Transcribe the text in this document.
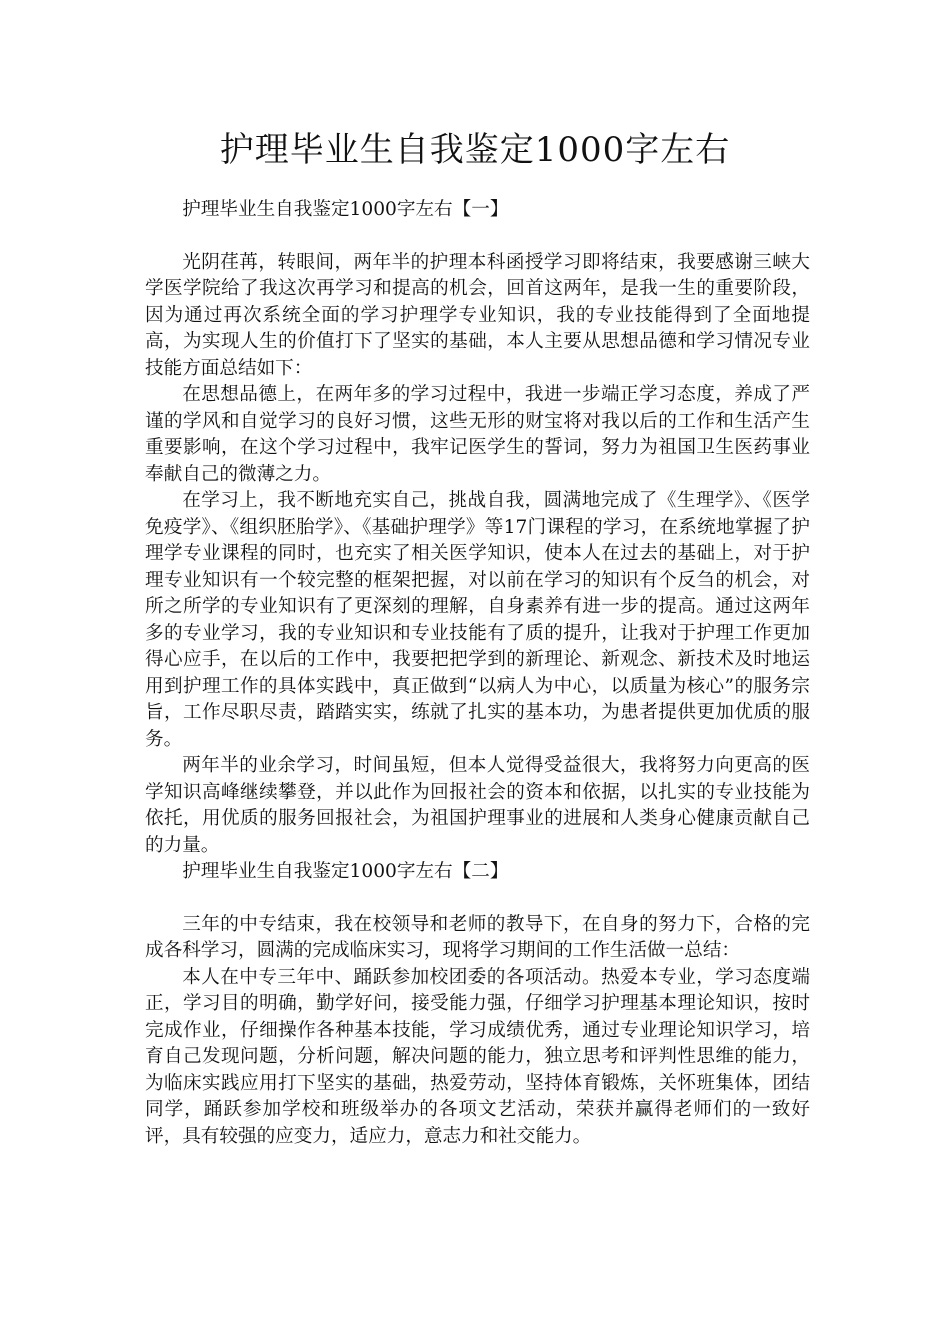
护理毕业生自我鉴定1000字左右

护理毕业生自我鉴定1000字左右【一】

光阴荏苒，转眼间，两年半的护理本科函授学习即将结束，我要感谢三峡大学医学院给了我这次再学习和提高的机会，回首这两年，是我一生的重要阶段，因为通过再次系统全面的学习护理学专业知识，我的专业技能得到了全面地提高，为实现人生的价值打下了坚实的基础，本人主要从思想品德和学习情况专业技能方面总结如下：

在思想品德上，在两年多的学习过程中，我进一步端正学习态度，养成了严谨的学风和自觉学习的良好习惯，这些无形的财宝将对我以后的工作和生活产生重要影响，在这个学习过程中，我牢记医学生的誓词，努力为祖国卫生医药事业奉献自己的微薄之力。

在学习上，我不断地充实自己，挑战自我，圆满地完成了《生理学》、《医学免疫学》、《组织胚胎学》、《基础护理学》等17门课程的学习，在系统地掌握了护理学专业课程的同时，也充实了相关医学知识，使本人在过去的基础上，对于护理专业知识有一个较完整的框架把握，对以前在学习的知识有个反刍的机会，对所之所学的专业知识有了更深刻的理解，自身素养有进一步的提高。通过这两年多的专业学习，我的专业知识和专业技能有了质的提升，让我对于护理工作更加得心应手，在以后的工作中，我要把把学到的新理论、新观念、新技术及时地运用到护理工作的具体实践中，真正做到“以病人为中心，以质量为核心”的服务宗旨，工作尽职尽责，踏踏实实，练就了扎实的基本功，为患者提供更加优质的服务。

两年半的业余学习，时间虽短，但本人觉得受益很大，我将努力向更高的医学知识高峰继续攀登，并以此作为回报社会的资本和依据，以扎实的专业技能为依托，用优质的服务回报社会，为祖国护理事业的进展和人类身心健康贡献自己的力量。

护理毕业生自我鉴定1000字左右【二】

三年的中专结束，我在校领导和老师的教导下，在自身的努力下，合格的完成各科学习，圆满的完成临床实习，现将学习期间的工作生活做一总结：

本人在中专三年中、踊跃参加校团委的各项活动。热爱本专业，学习态度端正，学习目的明确，勤学好问，接受能力强，仔细学习护理基本理论知识，按时完成作业，仔细操作各种基本技能，学习成绩优秀，通过专业理论知识学习，培育自己发现问题，分析问题，解决问题的能力，独立思考和评判性思维的能力，为临床实践应用打下坚实的基础，热爱劳动，坚持体育锻炼，关怀班集体，团结同学，踊跃参加学校和班级举办的各项文艺活动，荣获并赢得老师们的一致好评，具有较强的应变力，适应力，意志力和社交能力。
